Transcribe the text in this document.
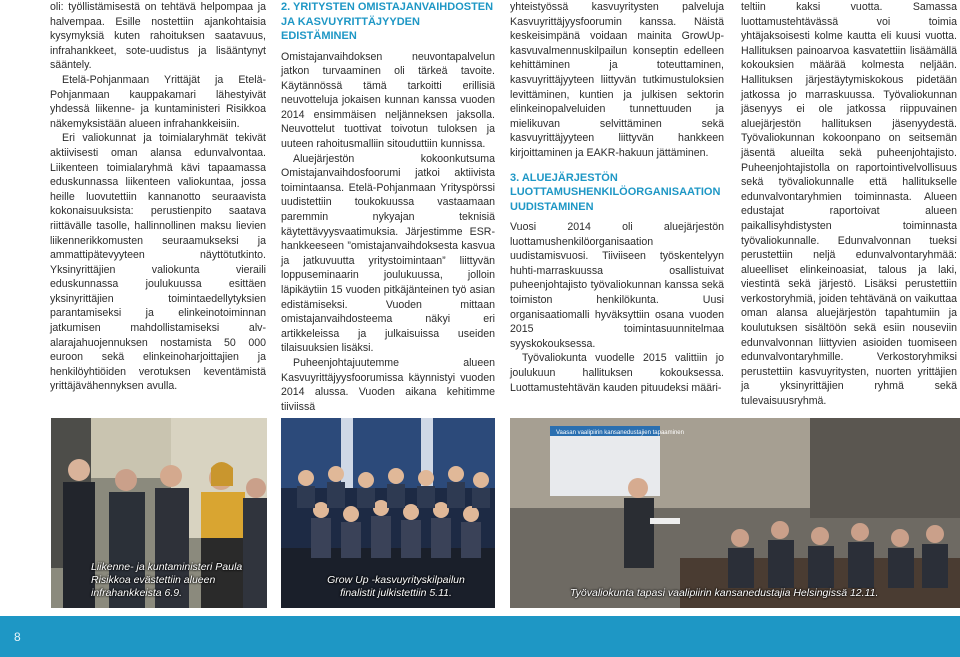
oli: työllistämisestä on tehtävä helpompaa ja halvempaa. Esille nostettiin ajankohtaisia kysymyksiä kuten rahoituksen saatavuus, infrahankkeet, sote-uudistus ja lisääntynyt sääntely.

Etelä-Pohjanmaan Yrittäjät ja Etelä-Pohjanmaan kauppakamari lähestyivät yhdessä liikenne- ja kuntaministeri Risikkoa näkemyksistään alueen infrahankkeisiin.

Eri valiokunnat ja toimialaryhmät tekivät aktiivisesti oman alansa edunvalvontaa. Liikenteen toimialaryhmä kävi tapaamassa eduskunnassa liikenteen valiokuntaa, jossa heille luovutettiin kannanotto seuraavista kokonaisuuksista: perustienpito saatava riittävälle tasolle, hallinnollinen maksu lievien liikennerikkomusten seuraamukseksi ja ammattipätevyyteen näyttötutkinto. Yksinyrittäjien valiokunta vieraili eduskunnassa joulukuussa esittäen yksinyrittäjien toimintaedellytyksien parantamiseksi ja elinkeinotoiminnan jatkumisen mahdollistamiseksi alv-alarajahuojennuksen nostamista 50 000 euroon sekä elinkeinoharjoittajien ja henkilöyhtiöiden verotuksen keventämistä yrittäjävähennyksen avulla.

2. YRITYSTEN OMISTAJANVAIHDOSTEN JA KASVUYRITTÄJYYDEN EDISTÄMINEN

Omistajanvaihdoksen neuvontapalvelun jatkon turvaaminen oli tärkeä tavoite. Käytännössä tämä tarkoitti erillisiä neuvotteluja jokaisen kunnan kanssa vuoden 2014 ensimmäisen neljänneksen jaksolla. Neuvottelut tuottivat toivotun tuloksen ja uuteen rahoitusmalliin sitouduttiin kunnissa.

Aluejärjestön kokoonkutsuma Omistajanvaihdosfoorumi jatkoi aktiivista toimintaansa. Etelä-Pohjanmaan Yrityspörssi uudistettiin toukokuussa vastaamaan paremmin nykyajan teknisiä käytettävyysvaatimuksia. Järjestimme ESR-hankkeeseen ”omistajanvaihdoksesta kasvua ja jatkuvuutta yritystoimintaan” liittyvän loppuseminaarin joulukuussa, jolloin läpikäytiin 15 vuoden pitkäjänteinen työ asian edistämiseksi. Vuoden mittaan omistajanvaihdosteema näkyi eri artikkeleissa ja julkaisuissa useiden tilaisuuksien lisäksi.

Puheenjohtajuutemme alueen Kasvuyrittäjyysfoorumissa käynnistyi vuoden 2014 alussa. Vuoden aikana kehitimme tiiviissä

yhteistyössä kasvuyritysten palveluja Kasvuyrittäjyysfoorumin kanssa. Näistä keskeisimpänä voidaan mainita GrowUp-kasvuvalmennuskilpailun konseptin edelleen kehittäminen ja toteuttaminen, kasvuyrittäjyyteen liittyvän tutkimustuloksien levittäminen, kuntien ja julkisen sektorin elinkeinopalveluiden tunnettuuden ja mielikuvan selvittäminen sekä kasvuyrittäjyyteen liittyvän hankkeen kirjoittaminen ja EAKR-hakuun jättäminen.

3. ALUEJÄRJESTÖN LUOTTAMUSHENKILÖORGANISAATION UUDISTAMINEN

Vuosi 2014 oli aluejärjestön luottamushenkilöorganisaation uudistamisvuosi. Tiiviiseen työskentelyyn huhti-marraskuussa osallistuivat puheenjohtajisto työvaliokunnan kanssa sekä toimiston henkilökunta. Uusi organisaatiomalli hyväksyttiin osana vuoden 2015 toimintasuunnitelmaa syyskokouksessa.

Työvaliokunta vuodelle 2015 valittiin jo joulukuun hallituksen kokouksessa. Luottamustehtävän kauden pituudeksi määri-

teltiin kaksi vuotta. Samassa luottamustehtävässä voi toimia yhtäjaksoisesti kolme kautta eli kuusi vuotta. Hallituksen painoarvoa kasvatettiin lisäämällä kokouksien määrää kolmesta neljään. Hallituksen järjestäytymiskokous pidetään jatkossa jo marraskuussa. Työvaliokunnan jäsenyys ei ole jatkossa riippuvainen aluejärjestön hallituksen jäsenyydestä. Työvaliokunnan kokoonpano on seitsemän jäsentä alueilta sekä puheenjohtajisto. Puheenjohtajistolla on raportointivelvollisuus sekä työvaliokunnalle että hallitukselle edunvalvontaryhmien toiminnasta. Alueen edustajat raportoivat alueen paikallisyhdistysten toiminnasta työvaliokunnalle. Edunvalvonnan tueksi perustettiin neljä edunvalvontaryhmää: alueelliset elinkeinoasiat, talous ja laki, viestintä sekä järjestö. Lisäksi perustettiin verkostoryhmiä, joiden tehtävänä on vaikuttaa oman alansa aluejärjestön tapahtumiin ja koulutuksen sisältöön sekä esiin nouseviin edunvalvonnan liittyvien asioiden tuomiseen edunvalvontaryhmille. Verkostoryhmiksi perustettiin kasvuyritysten, nuorten yrittäjien ja yksinyrittäjien ryhmä sekä tulevaisuusryhmä.

Liikenne- ja kuntaministeri Paula Risikkoa evästettiin alueen infrahankkeista 6.9.
Grow Up -kasvuyrityskilpailun finalistit julkistettiin 5.11.
Vaasan vaalipiirin kansanedustajien tapaaminen
Työvaliokunta tapasi vaalipiirin kansanedustajia Helsingissä 12.11.
8
